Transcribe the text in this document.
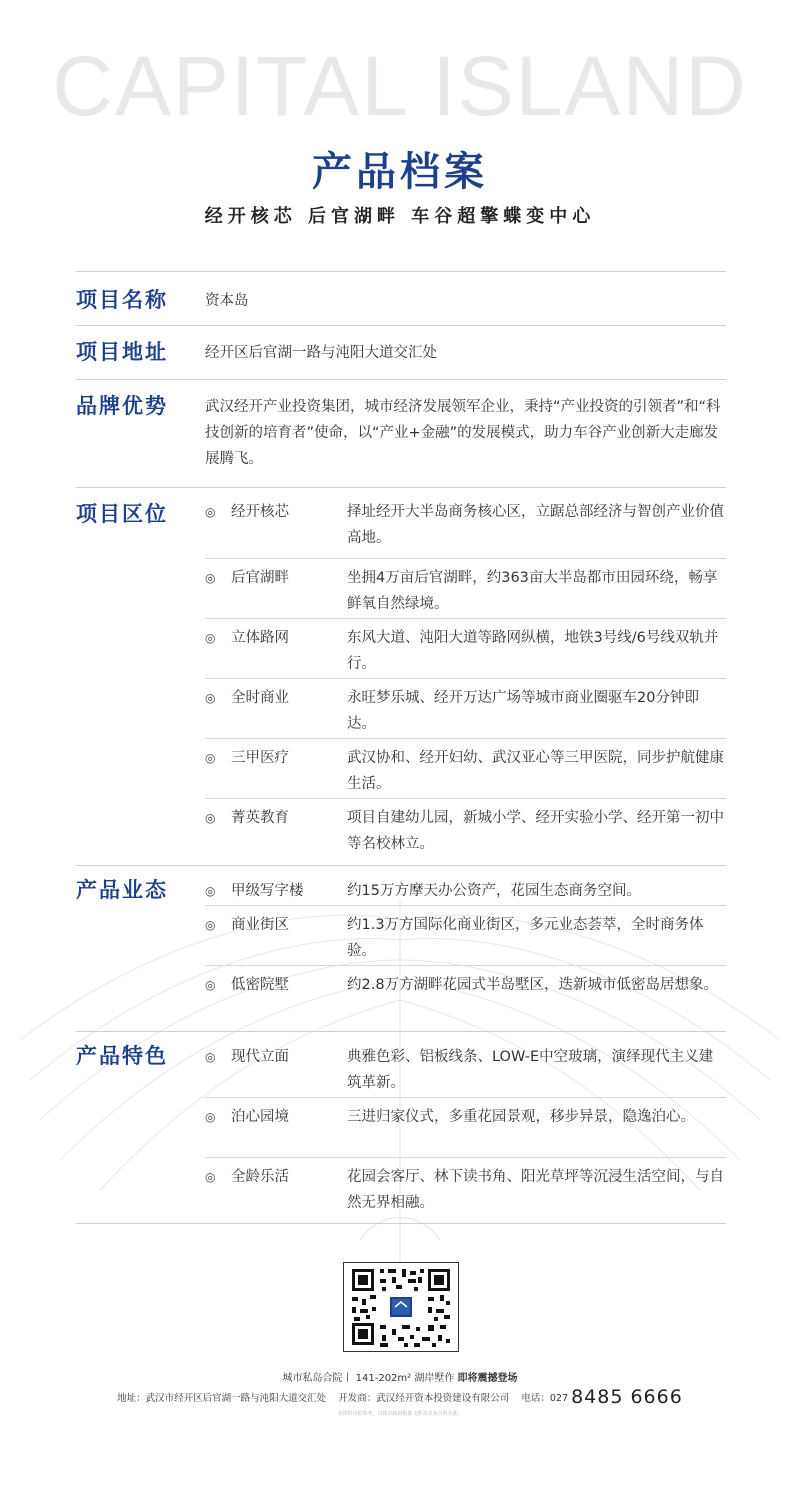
CAPITAL ISLAND
产品档案
经开核芯 后官湖畔 车谷超擎蝶变中心
项目名称	资本岛
项目地址	经开区后官湖一路与沌阳大道交汇处
品牌优势	武汉经开产业投资集团，城市经济发展领军企业，秉持“产业投资的引领者”和“科技创新的培育者”使命，以“产业+金融”的发展模式，助力车谷产业创新大走廊发展腾飞。
项目区位	◎	经开核芯	择址经开大半岛商务核心区，立踞总部经济与智创产业价值高地。
◎	后官湖畔	坐拥4万亩后官湖畔，约363亩大半岛都市田园环绕，畅享鲜氧自然绿境。
◎	立体路网	东风大道、沌阳大道等路网纵横，地铁3号线/6号线双轨并行。
◎	全时商业	永旺梦乐城、经开万达广场等城市商业圈驱车20分钟即达。
◎	三甲医疗	武汉协和、经开妇幼、武汉亚心等三甲医院，同步护航健康生活。
◎	菁英教育	项目自建幼儿园，新城小学、经开实验小学、经开第一初中等名校林立。
产品业态	◎	甲级写字楼	约15万方摩天办公资产，花园生态商务空间。
◎	商业街区	约1.3万方国际化商业街区，多元业态荟萃，全时商务体验。
◎	低密院墅	约2.8万方湖畔花园式半岛墅区，迭新城市低密岛居想象。
产品特色	◎	现代立面	典雅色彩、铝板线条、LOW-E中空玻璃，演绎现代主义建筑革新。
◎	泊心园境	三进归家仪式，多重花园景观，移步异景，隐逸泊心。
◎	全龄乐活	花园会客厅、林下读书角、阳光草坪等沉浸生活空间，与自然无界相融。
城市私岛合院丨 141-202m² 湖岸墅作 即将震撼登场
地址：武汉市经开区后官湖一路与沌阳大道交汇处 开发商：武汉经开资本投资建设有限公司 电话：027 8485 6666
本资料仅供参考，具体以政府批准文件及买卖合同为准。
